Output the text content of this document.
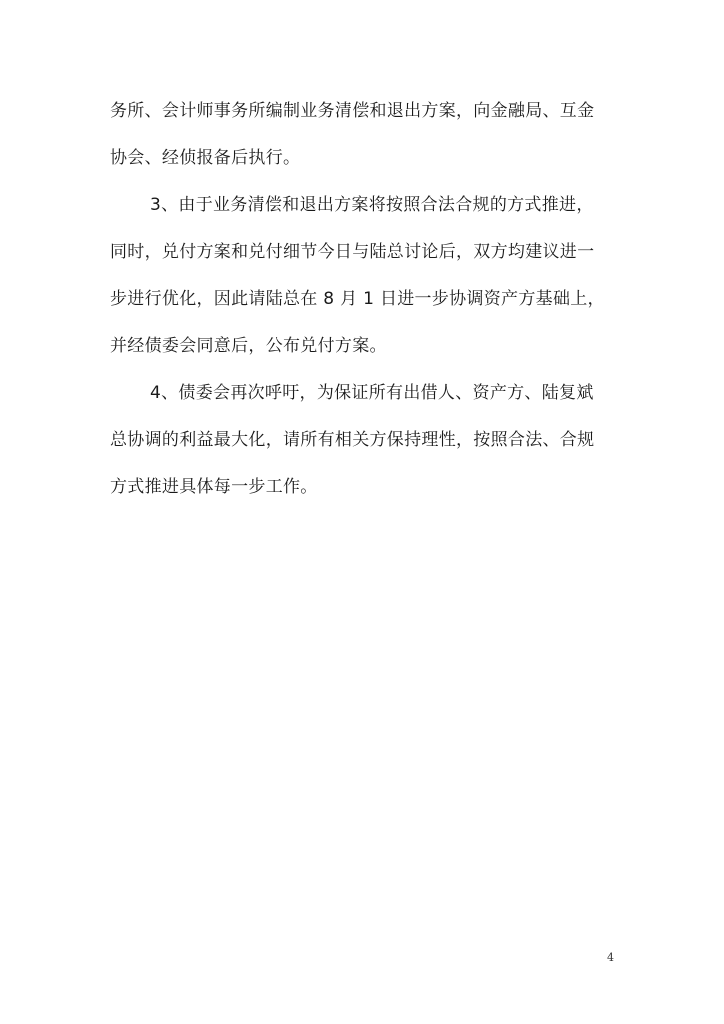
务所、会计师事务所编制业务清偿和退出方案，向金融局、互金
协会、经侦报备后执行。
3、由于业务清偿和退出方案将按照合法合规的方式推进，
同时，兑付方案和兑付细节今日与陆总讨论后，双方均建议进一
步进行优化，因此请陆总在 8 月 1 日进一步协调资产方基础上，
并经债委会同意后，公布兑付方案。
4、债委会再次呼吁，为保证所有出借人、资产方、陆复斌
总协调的利益最大化，请所有相关方保持理性，按照合法、合规
方式推进具体每一步工作。
4
